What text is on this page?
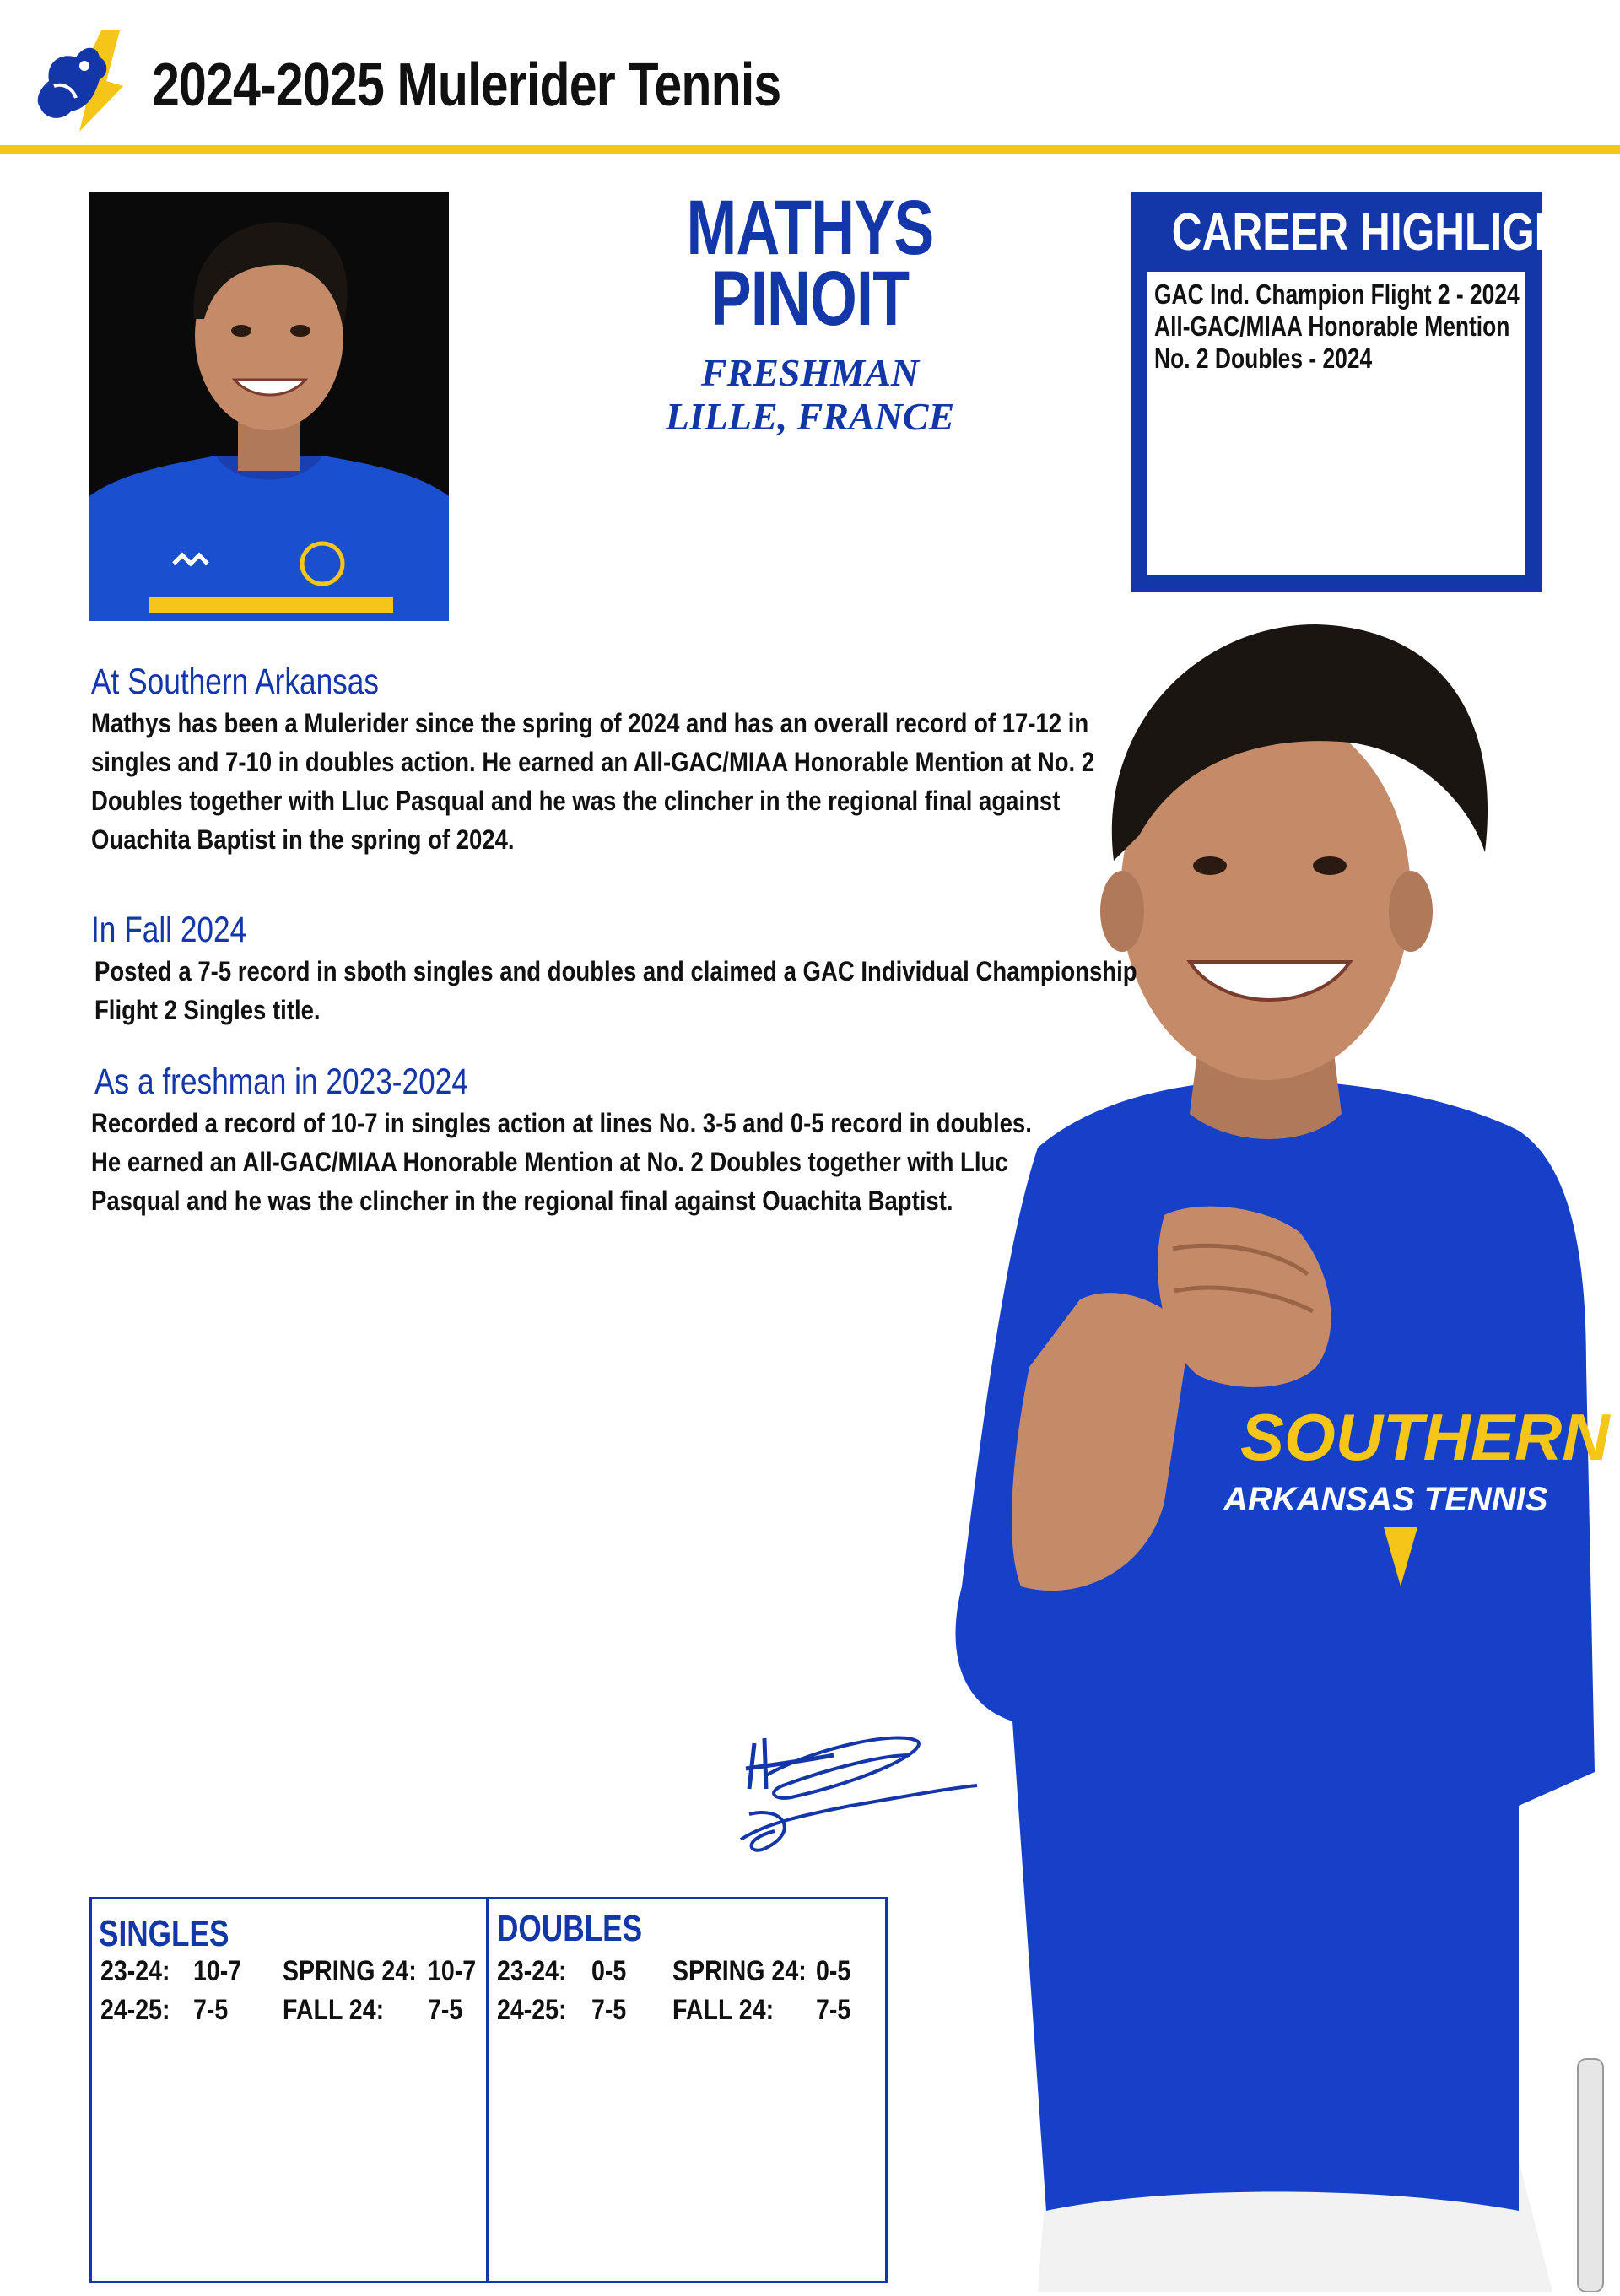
2024-2025 Mulerider Tennis
MATHYS
PINOIT
FRESHMAN
LILLE, FRANCE
CAREER HIGHLIGHTS
GAC Ind. Champion Flight 2 - 2024
All-GAC/MIAA Honorable Mention
No. 2 Doubles - 2024
SOUTHERN
ARKANSAS TENNIS
At Southern Arkansas
Mathys has been a Mulerider since the spring of 2024 and has an overall record of 17-12 in
singles and 7-10 in doubles action. He earned an All-GAC/MIAA Honorable Mention at No. 2
Doubles together with Lluc Pasqual and he was the clincher in the regional final against
Ouachita Baptist in the spring of 2024.
In Fall 2024
Posted a 7-5 record in sboth singles and doubles and claimed a GAC Individual Championship
Flight 2 Singles title.
As a freshman in 2023-2024
Recorded a record of 10-7 in singles action at lines No. 3-5 and 0-5 record in doubles.
He earned an All-GAC/MIAA Honorable Mention at No. 2 Doubles together with Lluc
Pasqual and he was the clincher in the regional final against Ouachita Baptist.
SINGLES
23-24: 10-7 SPRING 24: 10-7
24-25: 7-5 FALL 24: 7-5
DOUBLES
23-24: 0-5 SPRING 24: 0-5
24-25: 7-5 FALL 24: 7-5
